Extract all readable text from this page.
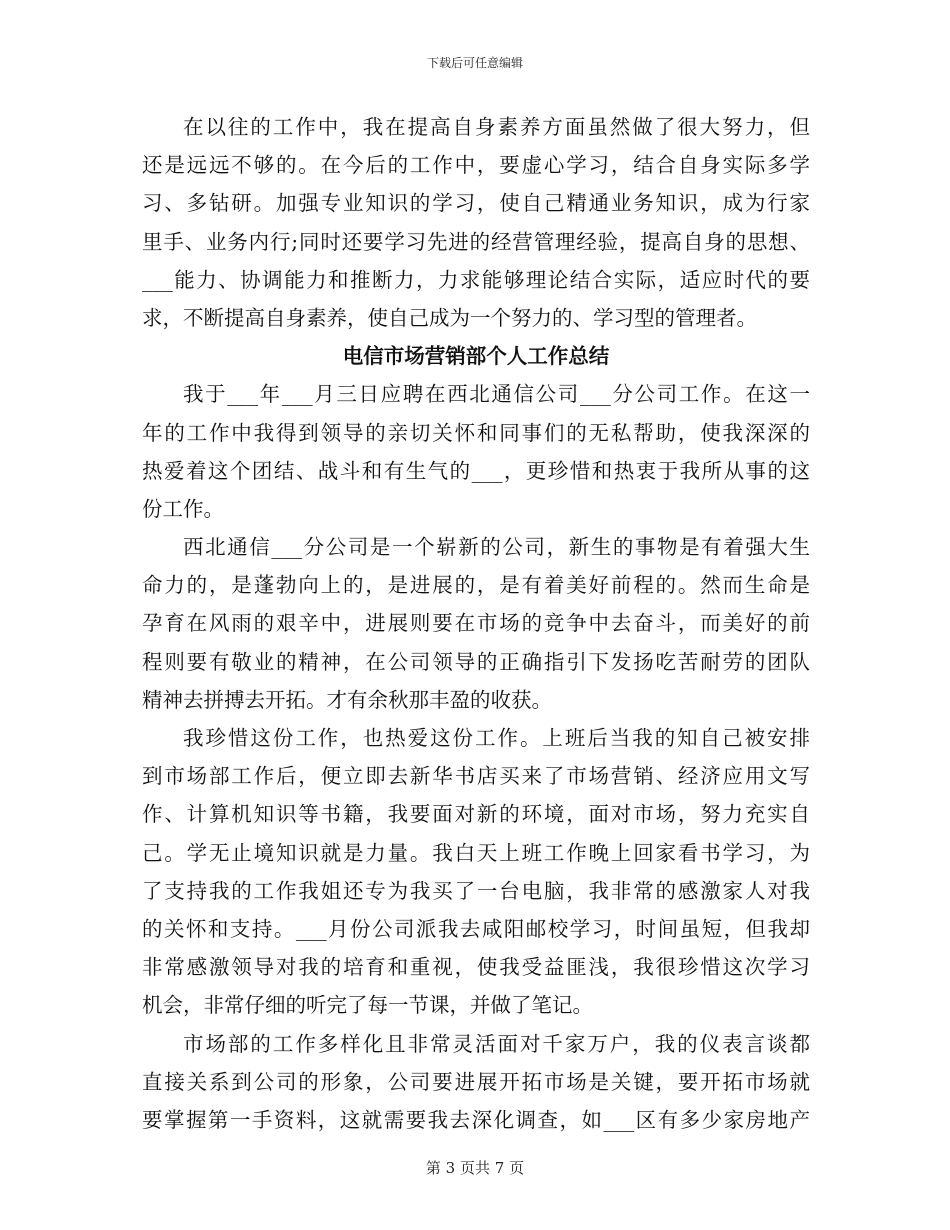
下载后可任意编辑
在以往的工作中，我在提高自身素养方面虽然做了很大努力，但
还是远远不够的。在今后的工作中，要虚心学习，结合自身实际多学
习、多钻研。加强专业知识的学习，使自己精通业务知识，成为行家
里手、业务内行;同时还要学习先进的经营管理经验，提高自身的思想、
___能力、协调能力和推断力，力求能够理论结合实际，适应时代的要
求，不断提高自身素养，使自己成为一个努力的、学习型的管理者。
电信市场营销部个人工作总结
我于___年___月三日应聘在西北通信公司___分公司工作。在这一
年的工作中我得到领导的亲切关怀和同事们的无私帮助，使我深深的
热爱着这个团结、战斗和有生气的___，更珍惜和热衷于我所从事的这
份工作。
西北通信___分公司是一个崭新的公司，新生的事物是有着强大生
命力的，是蓬勃向上的，是进展的，是有着美好前程的。然而生命是
孕育在风雨的艰辛中，进展则要在市场的竞争中去奋斗，而美好的前
程则要有敬业的精神，在公司领导的正确指引下发扬吃苦耐劳的团队
精神去拼搏去开拓。才有余秋那丰盈的收获。
我珍惜这份工作，也热爱这份工作。上班后当我的知自己被安排
到市场部工作后，便立即去新华书店买来了市场营销、经济应用文写
作、计算机知识等书籍，我要面对新的环境，面对市场，努力充实自
己。学无止境知识就是力量。我白天上班工作晚上回家看书学习，为
了支持我的工作我姐还专为我买了一台电脑，我非常的感激家人对我
的关怀和支持。___月份公司派我去咸阳邮校学习，时间虽短，但我却
非常感激领导对我的培育和重视，使我受益匪浅，我很珍惜这次学习
机会，非常仔细的听完了每一节课，并做了笔记。
市场部的工作多样化且非常灵活面对千家万户，我的仪表言谈都
直接关系到公司的形象，公司要进展开拓市场是关键，要开拓市场就
要掌握第一手资料，这就需要我去深化调查，如___区有多少家房地产
第 3 页共 7 页
